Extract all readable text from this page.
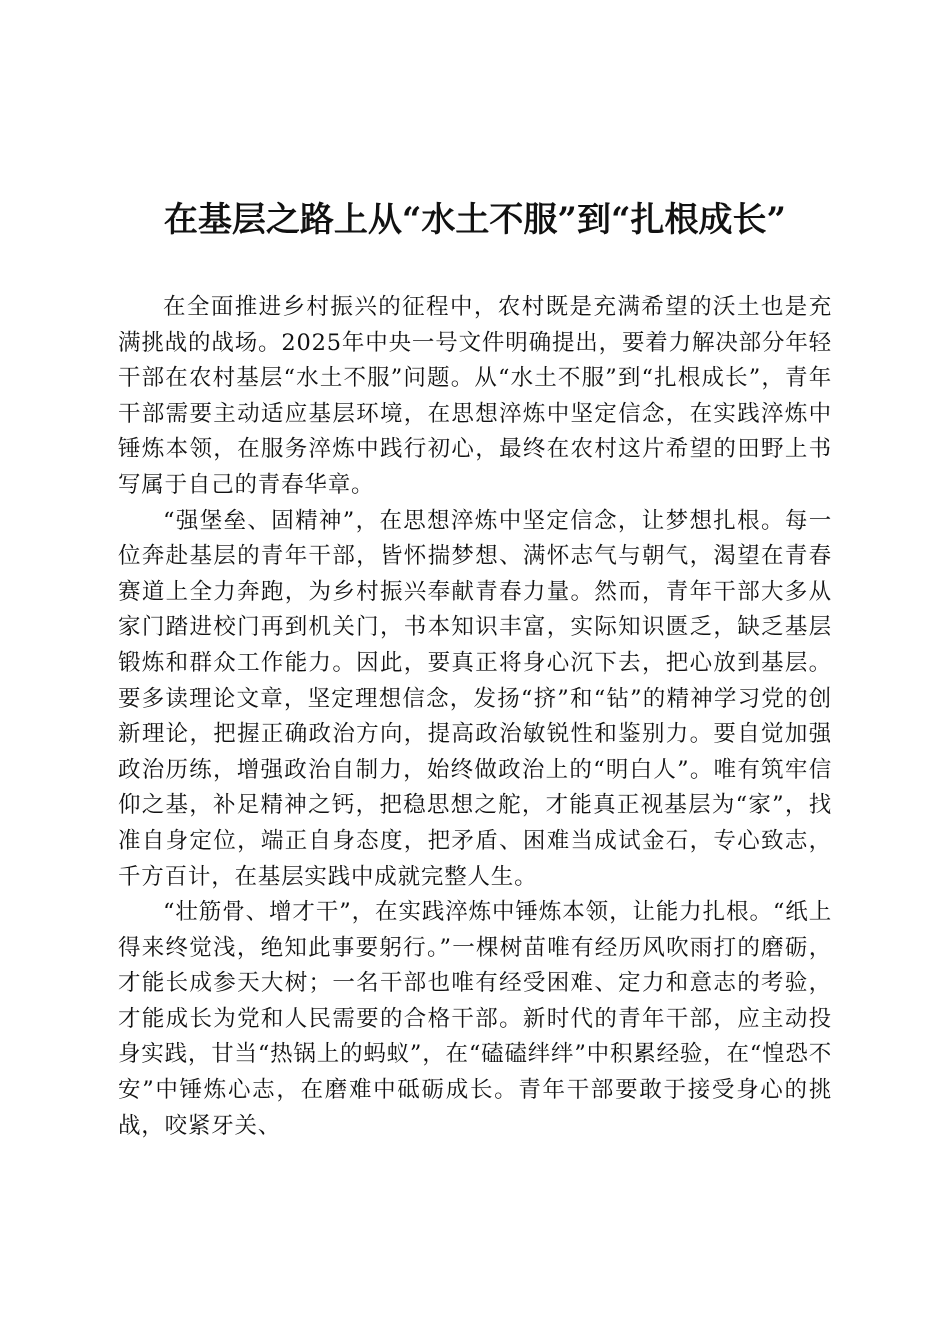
在基层之路上从“水土不服”到“扎根成长”

在全面推进乡村振兴的征程中，农村既是充满希望的沃土也是充满挑战的战场。2025年中央一号文件明确提出，要着力解决部分年轻干部在农村基层“水土不服”问题。从“水土不服”到“扎根成长”，青年干部需要主动适应基层环境，在思想淬炼中坚定信念，在实践淬炼中锤炼本领，在服务淬炼中践行初心，最终在农村这片希望的田野上书写属于自己的青春华章。

“强堡垒、固精神”，在思想淬炼中坚定信念，让梦想扎根。每一位奔赴基层的青年干部，皆怀揣梦想、满怀志气与朝气，渴望在青春赛道上全力奔跑，为乡村振兴奉献青春力量。然而，青年干部大多从家门踏进校门再到机关门，书本知识丰富，实际知识匮乏，缺乏基层锻炼和群众工作能力。因此，要真正将身心沉下去，把心放到基层。要多读理论文章，坚定理想信念，发扬“挤”和“钻”的精神学习党的创新理论，把握正确政治方向，提高政治敏锐性和鉴别力。要自觉加强政治历练，增强政治自制力，始终做政治上的“明白人”。唯有筑牢信仰之基，补足精神之钙，把稳思想之舵，才能真正视基层为“家”，找准自身定位，端正自身态度，把矛盾、困难当成试金石，专心致志，千方百计，在基层实践中成就完整人生。

“壮筋骨、增才干”，在实践淬炼中锤炼本领，让能力扎根。“纸上得来终觉浅，绝知此事要躬行。”一棵树苗唯有经历风吹雨打的磨砺，才能长成参天大树；一名干部也唯有经受困难、定力和意志的考验，才能成长为党和人民需要的合格干部。新时代的青年干部，应主动投身实践，甘当“热锅上的蚂蚁”，在“磕磕绊绊”中积累经验，在“惶恐不安”中锤炼心志，在磨难中砥砺成长。青年干部要敢于接受身心的挑战，咬紧牙关、
